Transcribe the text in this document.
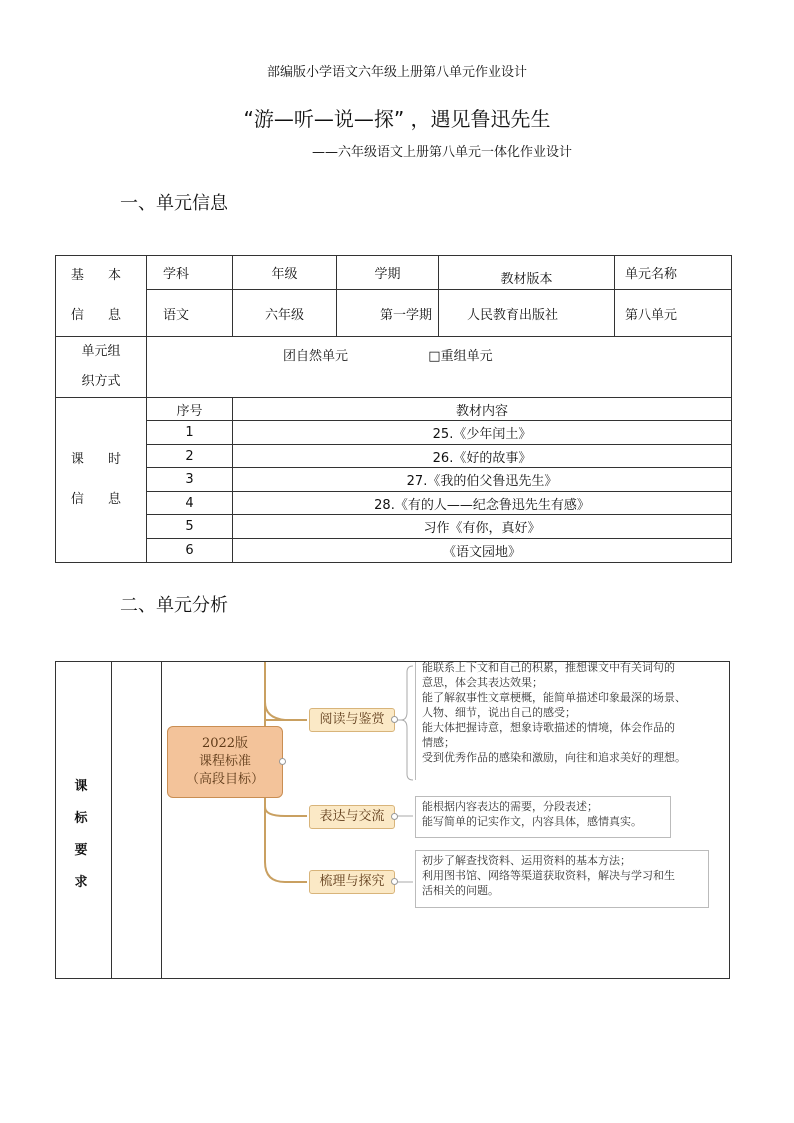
部编版小学语文六年级上册第八单元作业设计
“游—听—说—探” ，遇见鲁迅先生
——六年级语文上册第八单元一体化作业设计
一、单元信息
基 本
信 息	学科	年级	学期	教材版本	单元名称
	语文	六年级	第一学期	人民教育出版社	第八单元

单元组
织方式	团自然单元 □重组单元				

课 时
信 息	序号	教材内容			
	1	25.《少年闰土》			
	2	26.《好的故事》			
	3	27.《我的伯父鲁迅先生》			
	4	28.《有的人——纪念鲁迅先生有感》			
	5	习作《有你，真好》			
	6	《语文园地》			
二、单元分析
课
标
要
求
2022版
课程标准
（高段目标）
阅读与鉴赏
能联系上下文和自己的积累，推想课文中有关词句的
意思，体会其表达效果；
能了解叙事性文章梗概，能简单描述印象最深的场景、
人物、细节，说出自己的感受；
能大体把握诗意，想象诗歌描述的情境，体会作品的
情感；
受到优秀作品的感染和激励，向往和追求美好的理想。
表达与交流
能根据内容表达的需要，分段表述；
能写简单的记实作文，内容具体，感情真实。
梳理与探究
初步了解查找资料、运用资料的基本方法；
利用图书馆、网络等渠道获取资料，解决与学习和生
活相关的问题。
